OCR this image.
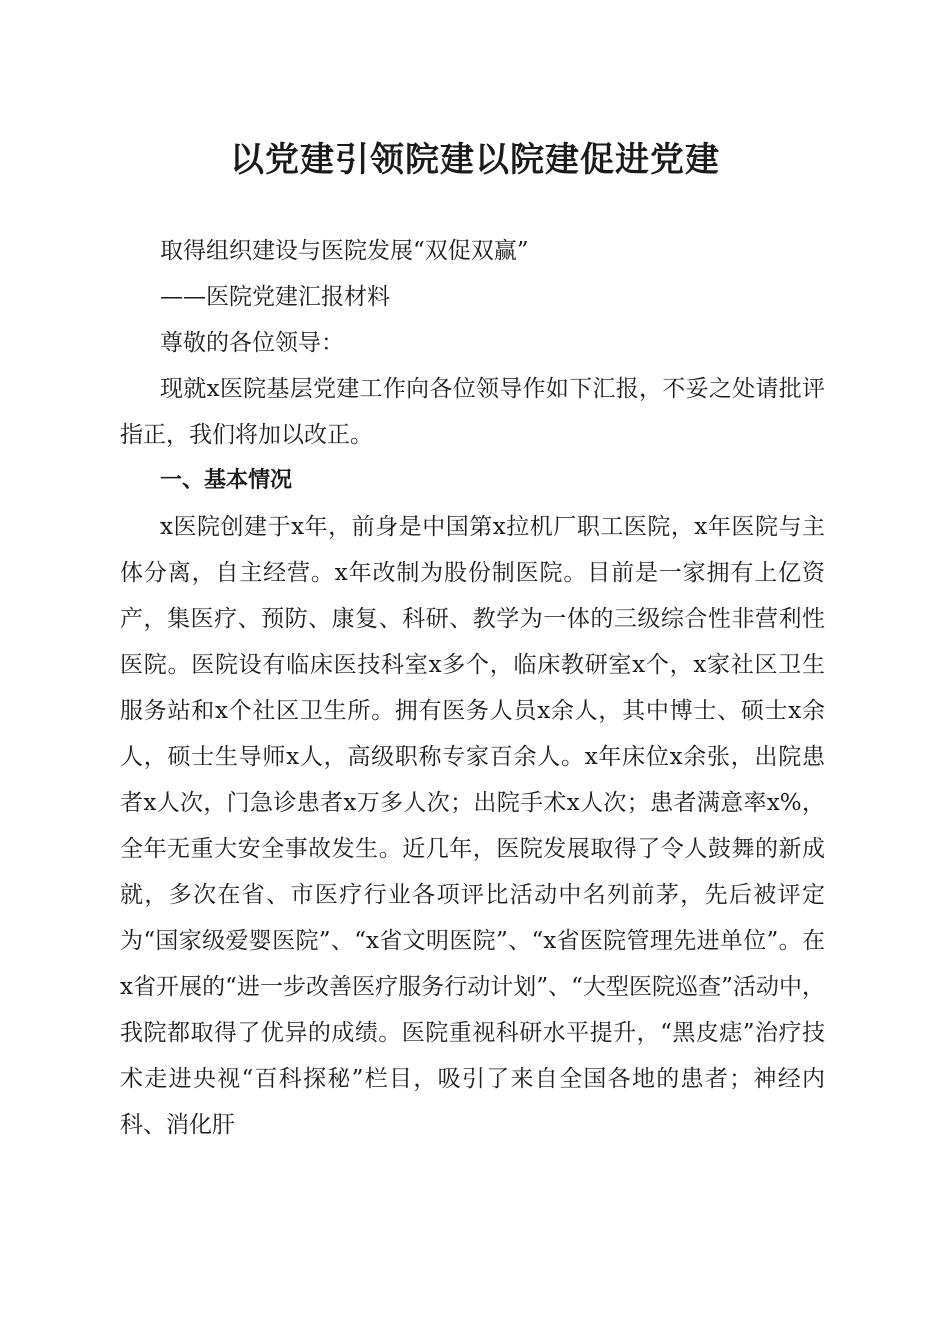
以党建引领院建以院建促进党建

取得组织建设与医院发展“双促双赢”

——医院党建汇报材料

尊敬的各位领导：

现就x医院基层党建工作向各位领导作如下汇报，不妥之处请批评指正，我们将加以改正。

一、基本情况

x医院创建于x年，前身是中国第x拉机厂职工医院，x年医院与主体分离，自主经营。x年改制为股份制医院。目前是一家拥有上亿资产，集医疗、预防、康复、科研、教学为一体的三级综合性非营利性医院。医院设有临床医技科室x多个，临床教研室x个，x家社区卫生服务站和x个社区卫生所。拥有医务人员x余人，其中博士、硕士x余人，硕士生导师x人，高级职称专家百余人。x年床位x余张，出院患者x人次，门急诊患者x万多人次；出院手术x人次；患者满意率x%，全年无重大安全事故发生。近几年，医院发展取得了令人鼓舞的新成就，多次在省、市医疗行业各项评比活动中名列前茅，先后被评定为“国家级爱婴医院”、“x省文明医院”、“x省医院管理先进单位”。在x省开展的“进一步改善医疗服务行动计划”、“大型医院巡查”活动中，我院都取得了优异的成绩。医院重视科研水平提升，“黑皮痣”治疗技术走进央视“百科探秘”栏目，吸引了来自全国各地的患者；神经内科、消化肝
